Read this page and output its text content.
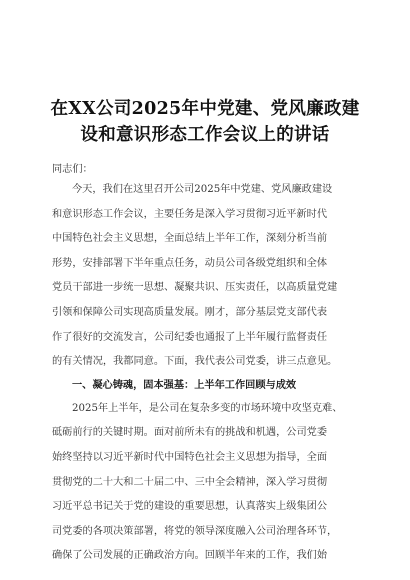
在XX公司2025年中党建、党风廉政建
设和意识形态工作会议上的讲话
同志们：
今天，我们在这里召开公司2025年中党建、党风廉政建设
和意识形态工作会议，主要任务是深入学习贯彻习近平新时代
中国特色社会主义思想，全面总结上半年工作，深刻分析当前
形势，安排部署下半年重点任务，动员公司各级党组织和全体
党员干部进一步统一思想、凝聚共识、压实责任，以高质量党建
引领和保障公司实现高质量发展。刚才，部分基层党支部代表
作了很好的交流发言，公司纪委也通报了上半年履行监督责任
的有关情况，我都同意。下面，我代表公司党委，讲三点意见。
一、凝心铸魂，固本强基：上半年工作回顾与成效
2025年上半年，是公司在复杂多变的市场环境中攻坚克难、
砥砺前行的关键时期。面对前所未有的挑战和机遇，公司党委
始终坚持以习近平新时代中国特色社会主义思想为指导，全面
贯彻党的二十大和二十届二中、三中全会精神，深入学习贯彻
习近平总书记关于党的建设的重要思想，认真落实上级集团公
司党委的各项决策部署，将党的领导深度融入公司治理各环节，
确保了公司发展的正确政治方向。回顾半年来的工作，我们始
